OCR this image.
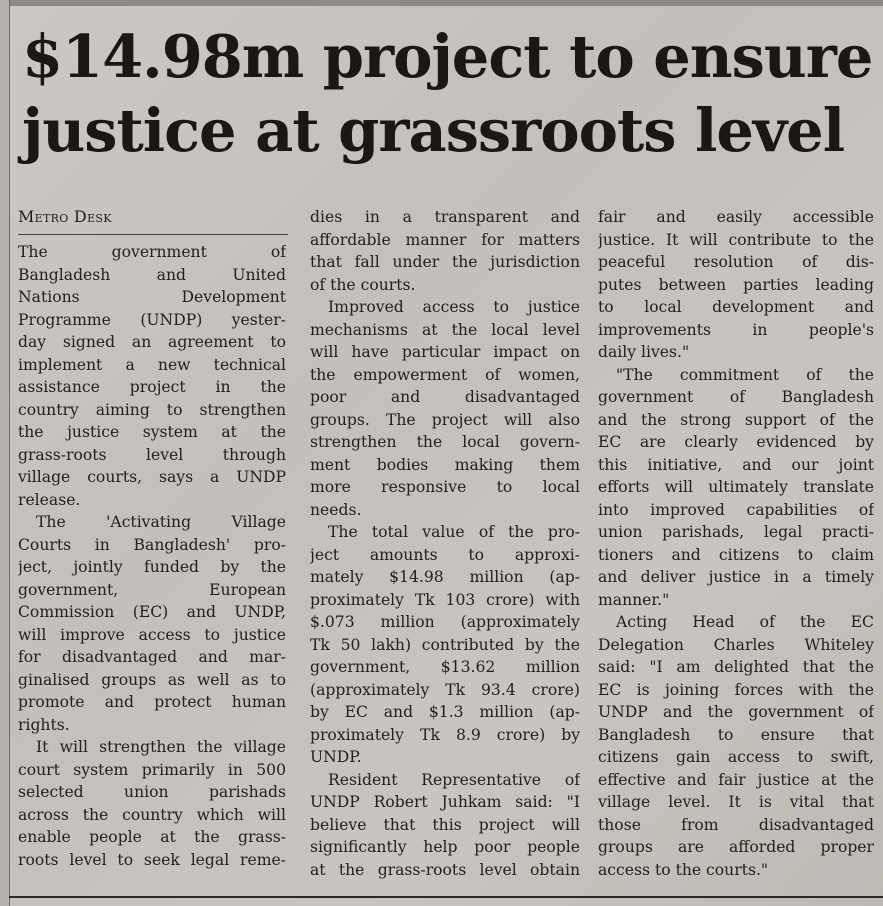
$14.98m project to ensure
justice at grassroots level
Metro Desk
The government of
Bangladesh and United
Nations Development
Programme (UNDP) yester-
day signed an agreement to
implement a new technical
assistance project in the
country aiming to strengthen
the justice system at the
grass-roots level through
village courts, says a UNDP
release.
The 'Activating Village
Courts in Bangladesh' pro-
ject, jointly funded by the
government, European
Commission (EC) and UNDP,
will improve access to justice
for disadvantaged and mar-
ginalised groups as well as to
promote and protect human
rights.
It will strengthen the village
court system primarily in 500
selected union parishads
across the country which will
enable people at the grass-
roots level to seek legal reme-
dies in a transparent and
affordable manner for matters
that fall under the jurisdiction
of the courts.
Improved access to justice
mechanisms at the local level
will have particular impact on
the empowerment of women,
poor and disadvantaged
groups. The project will also
strengthen the local govern-
ment bodies making them
more responsive to local
needs.
The total value of the pro-
ject amounts to approxi-
mately $14.98 million (ap-
proximately Tk 103 crore) with
$.073 million (approximately
Tk 50 lakh) contributed by the
government, $13.62 million
(approximately Tk 93.4 crore)
by EC and $1.3 million (ap-
proximately Tk 8.9 crore) by
UNDP.
Resident Representative of
UNDP Robert Juhkam said: "I
believe that this project will
significantly help poor people
at the grass-roots level obtain
fair and easily accessible
justice. It will contribute to the
peaceful resolution of dis-
putes between parties leading
to local development and
improvements in people's
daily lives."
"The commitment of the
government of Bangladesh
and the strong support of the
EC are clearly evidenced by
this initiative, and our joint
efforts will ultimately translate
into improved capabilities of
union parishads, legal practi-
tioners and citizens to claim
and deliver justice in a timely
manner."
Acting Head of the EC
Delegation Charles Whiteley
said: "I am delighted that the
EC is joining forces with the
UNDP and the government of
Bangladesh to ensure that
citizens gain access to swift,
effective and fair justice at the
village level. It is vital that
those from disadvantaged
groups are afforded proper
access to the courts."
